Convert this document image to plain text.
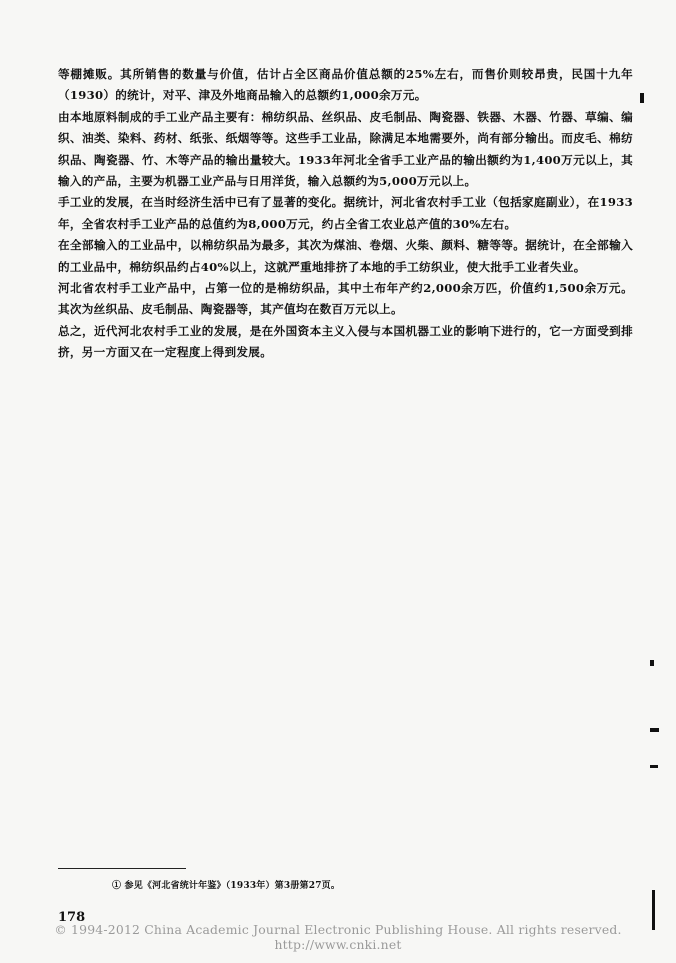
等棚摊贩。其所销售的数量与价值，估计占全区商品价值总额的25%左右，而售价则较昂贵，民国十九年（1930）的统计，对平、津及外地商品输入的总额约1,000余万元。

由本地原料制成的手工业产品主要有：棉纺织品、丝织品、皮毛制品、陶瓷器、铁器、木器、竹器、草编、编织、油类、染料、药材、纸张、纸烟等等。这些手工业品，除满足本地需要外，尚有部分输出。而皮毛、棉纺织品、陶瓷器、竹、木等产品的输出量较大。1933年河北全省手工业产品的输出额约为1,400万元以上，其输入的产品，主要为机器工业产品与日用洋货，输入总额约为5,000万元以上。

手工业的发展，在当时经济生活中已有了显著的变化。据统计，河北省农村手工业（包括家庭副业），在1933年，全省农村手工业产品的总值约为8,000万元，约占全省工农业总产值的30%左右。

在全部输入的工业品中，以棉纺织品为最多，其次为煤油、卷烟、火柴、颜料、糖等等。据统计，在全部输入的工业品中，棉纺织品约占40%以上，这就严重地排挤了本地的手工纺织业，使大批手工业者失业。

河北省农村手工业产品中，占第一位的是棉纺织品，其中土布年产约2,000余万匹，价值约1,500余万元。其次为丝织品、皮毛制品、陶瓷器等，其产值均在数百万元以上。

总之，近代河北农村手工业的发展，是在外国资本主义入侵与本国机器工业的影响下进行的，它一方面受到排挤，另一方面又在一定程度上得到发展。

① 参见《河北省统计年鉴》（1933年）第3册第27页。
178
© 1994-2012 China Academic Journal Electronic Publishing House. All rights reserved. http://www.cnki.net
